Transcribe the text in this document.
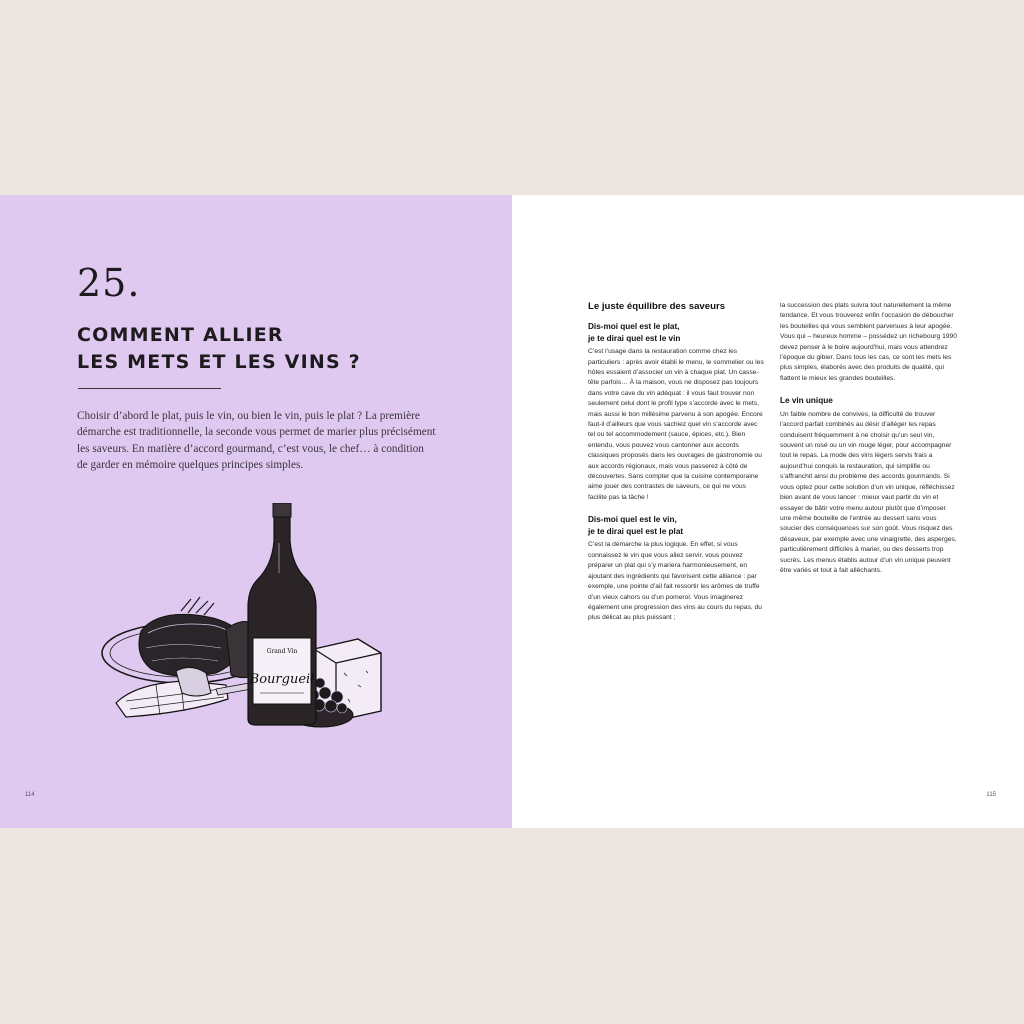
25.
COMMENT ALLIER
LES METS ET LES VINS ?
Choisir d’abord le plat, puis le vin, ou bien le vin, puis le plat ? La première démarche est traditionnelle, la seconde vous permet de marier plus précisément les saveurs. En matière d’accord gourmand, c’est vous, le chef… à condition de garder en mémoire quelques principes simples.
Grand Vin
Bourgueil
114
Le juste équilibre des saveurs
Dis-moi quel est le plat,
je te dirai quel est le vin
C’est l’usage dans la restauration comme chez les particuliers : après avoir établi le menu, le sommelier ou les hôtes essaient d’associer un vin à chaque plat. Un casse-tête parfois… À la maison, vous ne disposez pas toujours dans votre cave du vin adéquat : il vous faut trouver non seulement celui dont le profil type s’accorde avec le mets, mais aussi le bon millésime parvenu à son apogée. Encore faut-il d’ailleurs que vous sachiez quel vin s’accorde avec tel ou tel accommodement (sauce, épices, etc.). Bien entendu, vous pouvez vous cantonner aux accords classiques proposés dans les ouvrages de gastronomie ou aux accords régionaux, mais vous passerez à côté de découvertes. Sans compter que la cuisine contemporaine aime jouer des contrastes de saveurs, ce qui ne vous facilite pas la tâche !
Dis-moi quel est le vin,
je te dirai quel est le plat
C’est la démarche la plus logique. En effet, si vous connaissez le vin que vous allez servir, vous pouvez préparer un plat qui s’y mariera harmonieusement, en ajoutant des ingrédients qui favorisent cette alliance : par exemple, une pointe d’ail fait ressortir les arômes de truffe d’un vieux cahors ou d’un pomerol. Vous imaginerez également une progression des vins au cours du repas, du plus délicat au plus puissant ;
la succession des plats suivra tout naturellement la même tendance. Et vous trouverez enfin l’occasion de déboucher les bouteilles qui vous semblent parvenues à leur apogée. Vous qui – heureux homme – possédez un richebourg 1990 devez penser à le boire aujourd’hui, mais vous attendrez l’époque du gibier. Dans tous les cas, ce sont les mets les plus simples, élaborés avec des produits de qualité, qui flattent le mieux les grandes bouteilles.
Le vin unique
Un faible nombre de convives, la difficulté de trouver l’accord parfait combinés au désir d’alléger les repas conduisent fréquemment à ne choisir qu’un seul vin, souvent un rosé ou un vin rouge léger, pour accompagner tout le repas. La mode des vins légers servis frais a aujourd’hui conquis la restauration, qui simplifie ou s’affranchit ainsi du problème des accords gourmands. Si vous optez pour cette solution d’un vin unique, réfléchissez bien avant de vous lancer : mieux vaut partir du vin et essayer de bâtir votre menu autour plutôt que d’imposer une même bouteille de l’entrée au dessert sans vous soucier des conséquences sur son goût. Vous risquez des désaveux, par exemple avec une vinaigrette, des asperges, particulièrement difficiles à marier, ou des desserts trop sucrés. Les menus établis autour d’un vin unique peuvent être variés et tout à fait alléchants.
115
